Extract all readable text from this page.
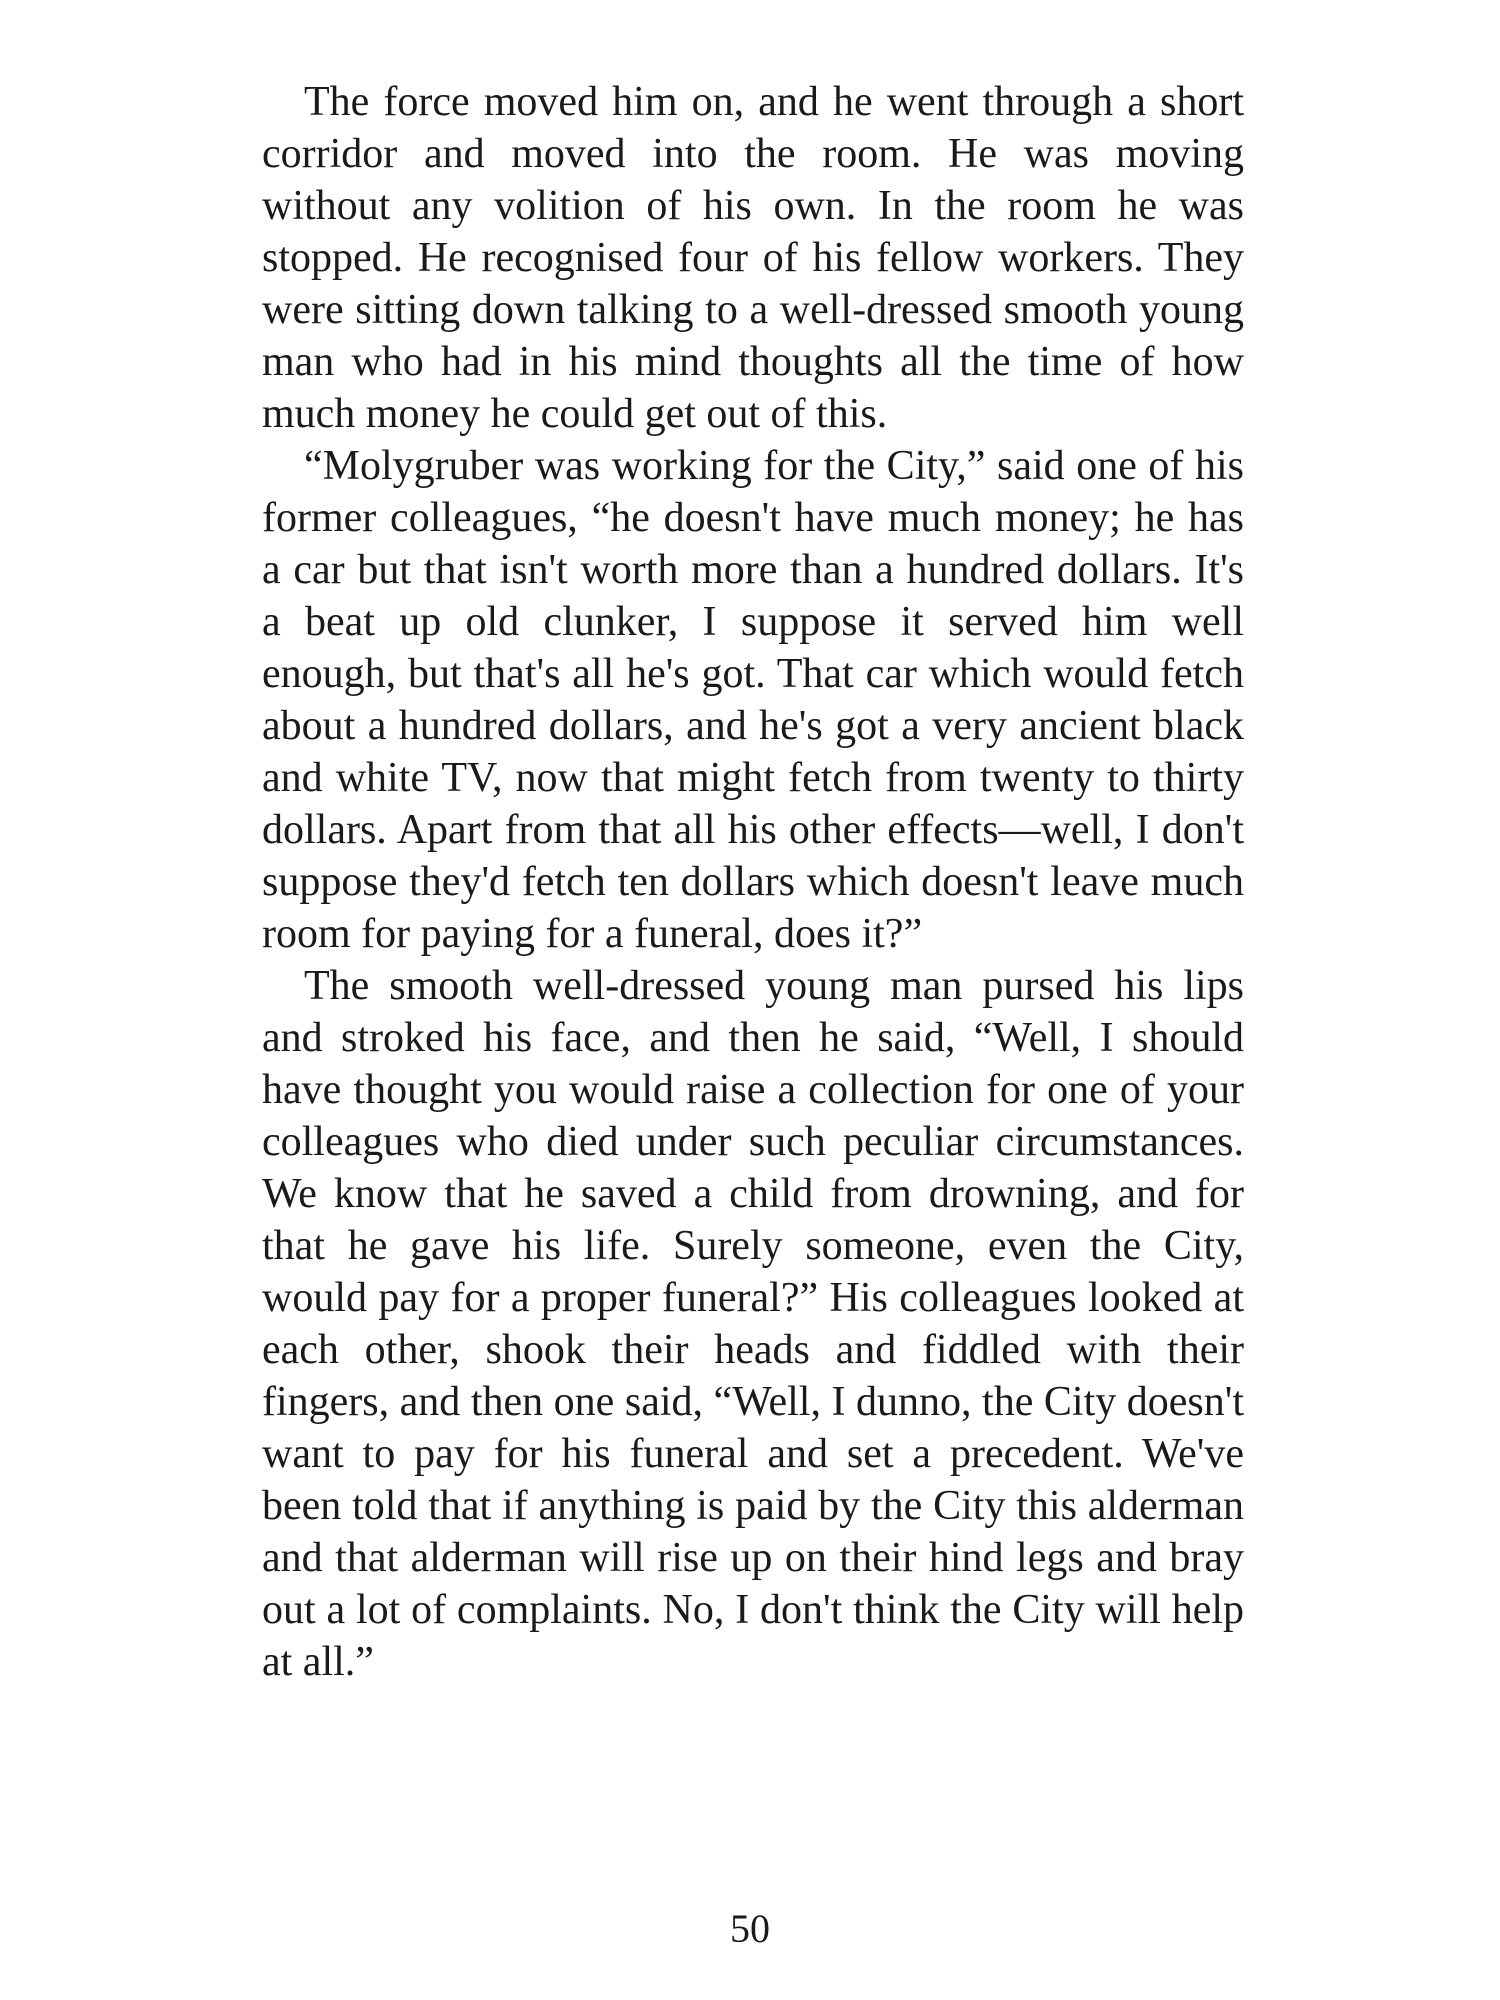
The force moved him on, and he went through a short corridor and moved into the room. He was moving without any volition of his own. In the room he was stopped. He recognised four of his fellow workers. They were sitting down talking to a well-dressed smooth young man who had in his mind thoughts all the time of how much money he could get out of this.

“Molygruber was working for the City,” said one of his former colleagues, “he doesn't have much money; he has a car but that isn't worth more than a hundred dollars. It's a beat up old clunker, I suppose it served him well enough, but that's all he's got. That car which would fetch about a hundred dollars, and he's got a very ancient black and white TV, now that might fetch from twenty to thirty dollars. Apart from that all his other effects—well, I don't suppose they'd fetch ten dollars which doesn't leave much room for paying for a funeral, does it?”

The smooth well-dressed young man pursed his lips and stroked his face, and then he said, “Well, I should have thought you would raise a collection for one of your colleagues who died under such peculiar circumstances. We know that he saved a child from drowning, and for that he gave his life. Surely someone, even the City, would pay for a proper funeral?” His colleagues looked at each other, shook their heads and fiddled with their fingers, and then one said, “Well, I dunno, the City doesn't want to pay for his funeral and set a precedent. We've been told that if anything is paid by the City this alderman and that alderman will rise up on their hind legs and bray out a lot of complaints. No, I don't think the City will help at all.”

50
